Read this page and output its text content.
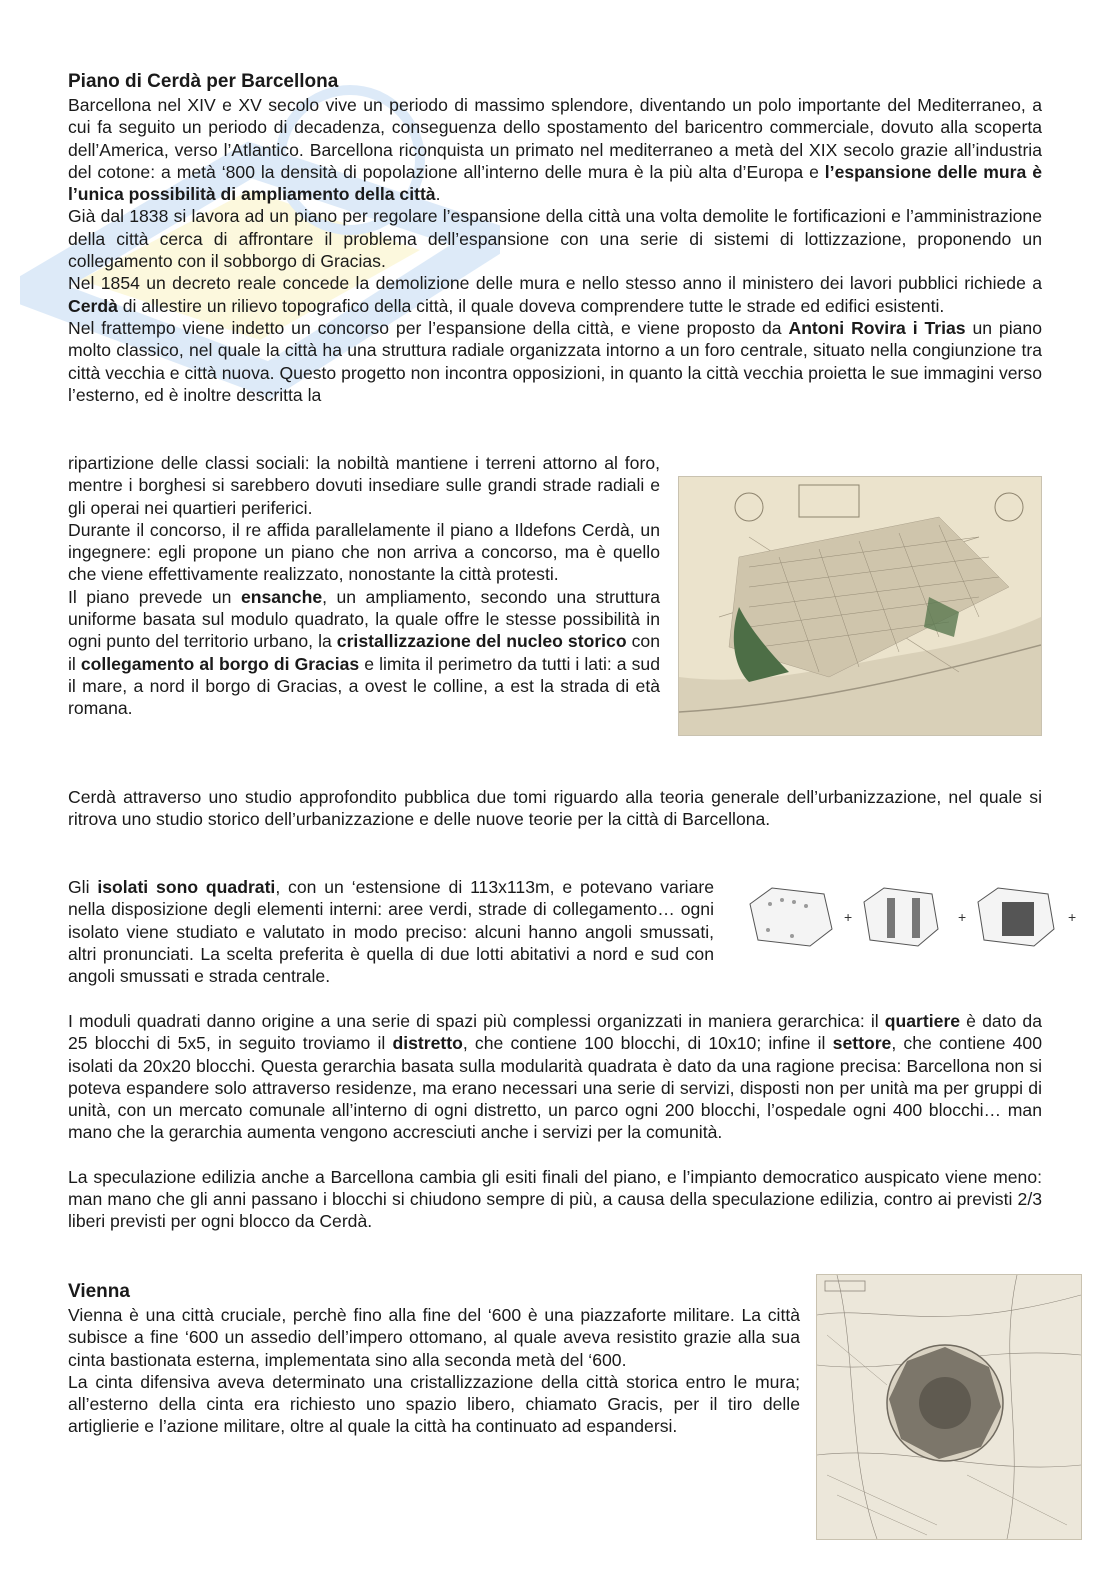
Piano di Cerdà per Barcellona

Barcellona nel XIV e XV secolo vive un periodo di massimo splendore, diventando un polo importante del Mediterraneo, a cui fa seguito un periodo di decadenza, conseguenza dello spostamento del baricentro commerciale, dovuto alla scoperta dell’America, verso l’Atlantico. Barcellona riconquista un primato nel mediterraneo a metà del XIX secolo grazie all’industria del cotone: a metà ‘800 la densità di popolazione all’interno delle mura è la più alta d’Europa e l’espansione delle mura è l’unica possibilità di ampliamento della città.

Già dal 1838 si lavora ad un piano per regolare l’espansione della città una volta demolite le fortificazioni e l’amministrazione della città cerca di affrontare il problema dell’espansione con una serie di sistemi di lottizzazione, proponendo un collegamento con il sobborgo di Gracias.

Nel 1854 un decreto reale concede la demolizione delle mura e nello stesso anno il ministero dei lavori pubblici richiede a Cerdà di allestire un rilievo topografico della città, il quale doveva comprendere tutte le strade ed edifici esistenti.

Nel frattempo viene indetto un concorso per l’espansione della città, e viene proposto da Antoni Rovira i Trias un piano molto classico, nel quale la città ha una struttura radiale organizzata intorno a un foro centrale, situato nella congiunzione tra città vecchia e città nuova. Questo progetto non incontra opposizioni, in quanto la città vecchia proietta le sue immagini verso l’esterno, ed è inoltre descritta la

ripartizione delle classi sociali: la nobiltà mantiene i terreni attorno al foro, mentre i borghesi si sarebbero dovuti insediare sulle grandi strade radiali e gli operai nei quartieri periferici.

Durante il concorso, il re affida parallelamente il piano a Ildefons Cerdà, un ingegnere: egli propone un piano che non arriva a concorso, ma è quello che viene effettivamente realizzato, nonostante la città protesti.

Il piano prevede un ensanche, un ampliamento, secondo una struttura uniforme basata sul modulo quadrato, la quale offre le stesse possibilità in ogni punto del territorio urbano, la cristallizzazione del nucleo storico con il collegamento al borgo di Gracias e limita il perimetro da tutti i lati: a sud il mare, a nord il borgo di Gracias, a ovest le colline, a est la strada di età romana.

Cerdà attraverso uno studio approfondito pubblica due tomi riguardo alla teoria generale dell’urbanizzazione, nel quale si ritrova uno studio storico dell’urbanizzazione e delle nuove teorie per la città di Barcellona.

Gli isolati sono quadrati, con un ‘estensione di 113x113m, e potevano variare nella disposizione degli elementi interni: aree verdi, strade di collegamento… ogni isolato viene studiato e valutato in modo preciso: alcuni hanno angoli smussati, altri pronunciati. La scelta preferita è quella di due lotti abitativi a nord e sud con angoli smussati e strada centrale.

+	+	+

I moduli quadrati danno origine a una serie di spazi più complessi organizzati in maniera gerarchica: il quartiere è dato da 25 blocchi di 5x5, in seguito troviamo il distretto, che contiene 100 blocchi, di 10x10; infine il settore, che contiene 400 isolati da 20x20 blocchi. Questa gerarchia basata sulla modularità quadrata è dato da una ragione precisa: Barcellona non si poteva espandere solo attraverso residenze, ma erano necessari una serie di servizi, disposti non per unità ma per gruppi di unità, con un mercato comunale all’interno di ogni distretto, un parco ogni 200 blocchi, l’ospedale ogni 400 blocchi… man mano che la gerarchia aumenta vengono accresciuti anche i servizi per la comunità.

La speculazione edilizia anche a Barcellona cambia gli esiti finali del piano, e l’impianto democratico auspicato viene meno: man mano che gli anni passano i blocchi si chiudono sempre di più, a causa della speculazione edilizia, contro ai previsti 2/3 liberi previsti per ogni blocco da Cerdà.

Vienna

Vienna è una città cruciale, perchè fino alla fine del ‘600 è una piazzaforte militare. La città subisce a fine ‘600 un assedio dell’impero ottomano, al quale aveva resistito grazie alla sua cinta bastionata esterna, implementata sino alla seconda metà del ‘600.

La cinta difensiva aveva determinato una cristallizzazione della città storica entro le mura; all’esterno della cinta era richiesto uno spazio libero, chiamato Gracis, per il tiro delle artiglierie e l’azione militare, oltre al quale la città ha continuato ad espandersi.
